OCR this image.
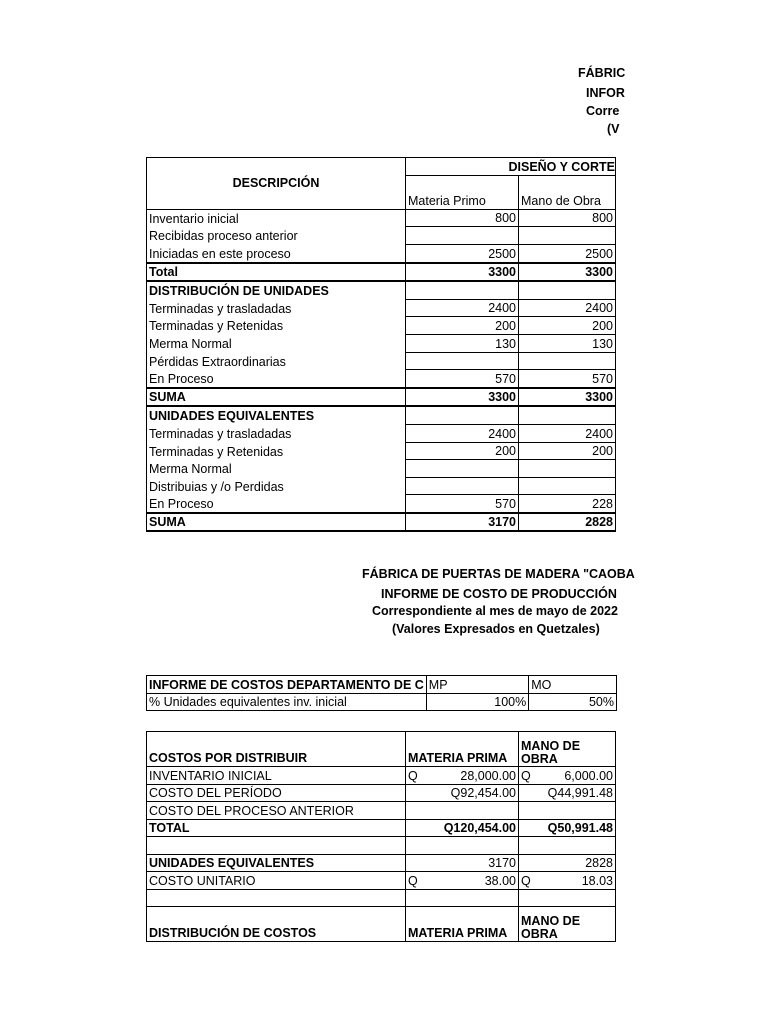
FÁBRIC
INFOR
Corre
(V
DESCRIPCIÓN	DISEÑO Y CORTE	

	Materia Primo	Mano de Obra
Inventario inicial	800	800
Recibidas proceso anterior		
Iniciadas en este proceso	2500	2500
Total	3300	3300
DISTRIBUCIÓN DE UNIDADES		
Terminadas y trasladadas	2400	2400
Terminadas y Retenidas	200	200
Merma Normal	130	130
Pérdidas Extraordinarias		
En Proceso	570	570
SUMA	3300	3300
UNIDADES EQUIVALENTES		
Terminadas y trasladadas	2400	2400
Terminadas y Retenidas	200	200
Merma Normal		
Distribuias y /o Perdidas		
En Proceso	570	228
SUMA	3170	2828
FÁBRICA DE PUERTAS DE MADERA "CAOBA
INFORME DE COSTO DE PRODUCCIÓN
Correspondiente al mes de mayo de 2022
(Valores Expresados en Quetzales)
INFORME DE COSTOS DEPARTAMENTO DE C	MP	MO
% Unidades equivalentes inv. inicial	100%	50%
COSTOS POR DISTRIBUIR	MATERIA PRIMA	MANO DE OBRA
INVENTARIO INICIAL	Q 28,000.00	Q 6,000.00
COSTO DEL PERÍODO	Q92,454.00	Q44,991.48
COSTO DEL PROCESO ANTERIOR		
TOTAL	Q120,454.00	Q50,991.48

UNIDADES EQUIVALENTES	3170	2828
COSTO UNITARIO	Q 38.00	Q 18.03

DISTRIBUCIÓN DE COSTOS	MATERIA PRIMA	MANO DE OBRA
